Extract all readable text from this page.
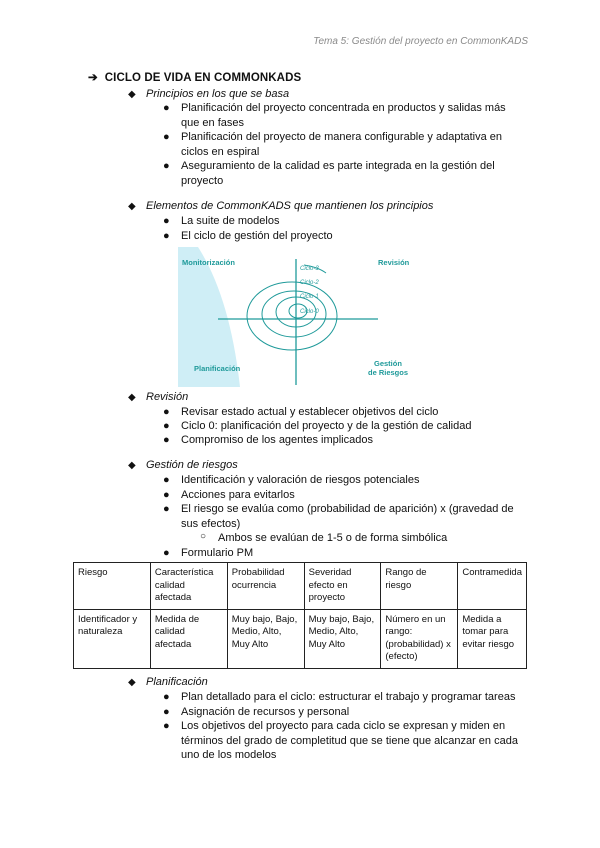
Tema 5: Gestión del proyecto en CommonKADS
➔ CICLO DE VIDA EN COMMONKADS
◆ Principios en los que se basa
● Planificación del proyecto concentrada en productos y salidas más que en fases
● Planificación del proyecto de manera configurable y adaptativa en ciclos en espiral
● Aseguramiento de la calidad es parte integrada en la gestión del proyecto
◆ Elementos de CommonKADS que mantienen los principios
● La suite de modelos
● El ciclo de gestión del proyecto
Monitorización	Revisión
Planificación
Gestión
de Riesgos
Ciclo-3
Ciclo-2
Ciclo-1
Ciclo-0
◆ Revisión
● Revisar estado actual y establecer objetivos del ciclo
● Ciclo 0: planificación del proyecto y de la gestión de calidad
● Compromiso de los agentes implicados
◆ Gestión de riesgos
● Identificación y valoración de riesgos potenciales
● Acciones para evitarlos
● El riesgo se evalúa como (probabilidad de aparición) x (gravedad de sus efectos)
○ Ambos se evalúan de 1-5 o de forma simbólica
● Formulario PM
Riesgo	Característica calidad afectada	Probabilidad ocurrencia	Severidad efecto en proyecto	Rango de riesgo	Contramedida
Identificador y naturaleza	Medida de calidad afectada	Muy bajo, Bajo, Medio, Alto, Muy Alto	Muy bajo, Bajo, Medio, Alto, Muy Alto	Número en un rango: (probabilidad) x (efecto)	Medida a tomar para evitar riesgo
◆ Planificación
● Plan detallado para el ciclo: estructurar el trabajo y programar tareas
● Asignación de recursos y personal
● Los objetivos del proyecto para cada ciclo se expresan y miden en términos del grado de completitud que se tiene que alcanzar en cada uno de los modelos
